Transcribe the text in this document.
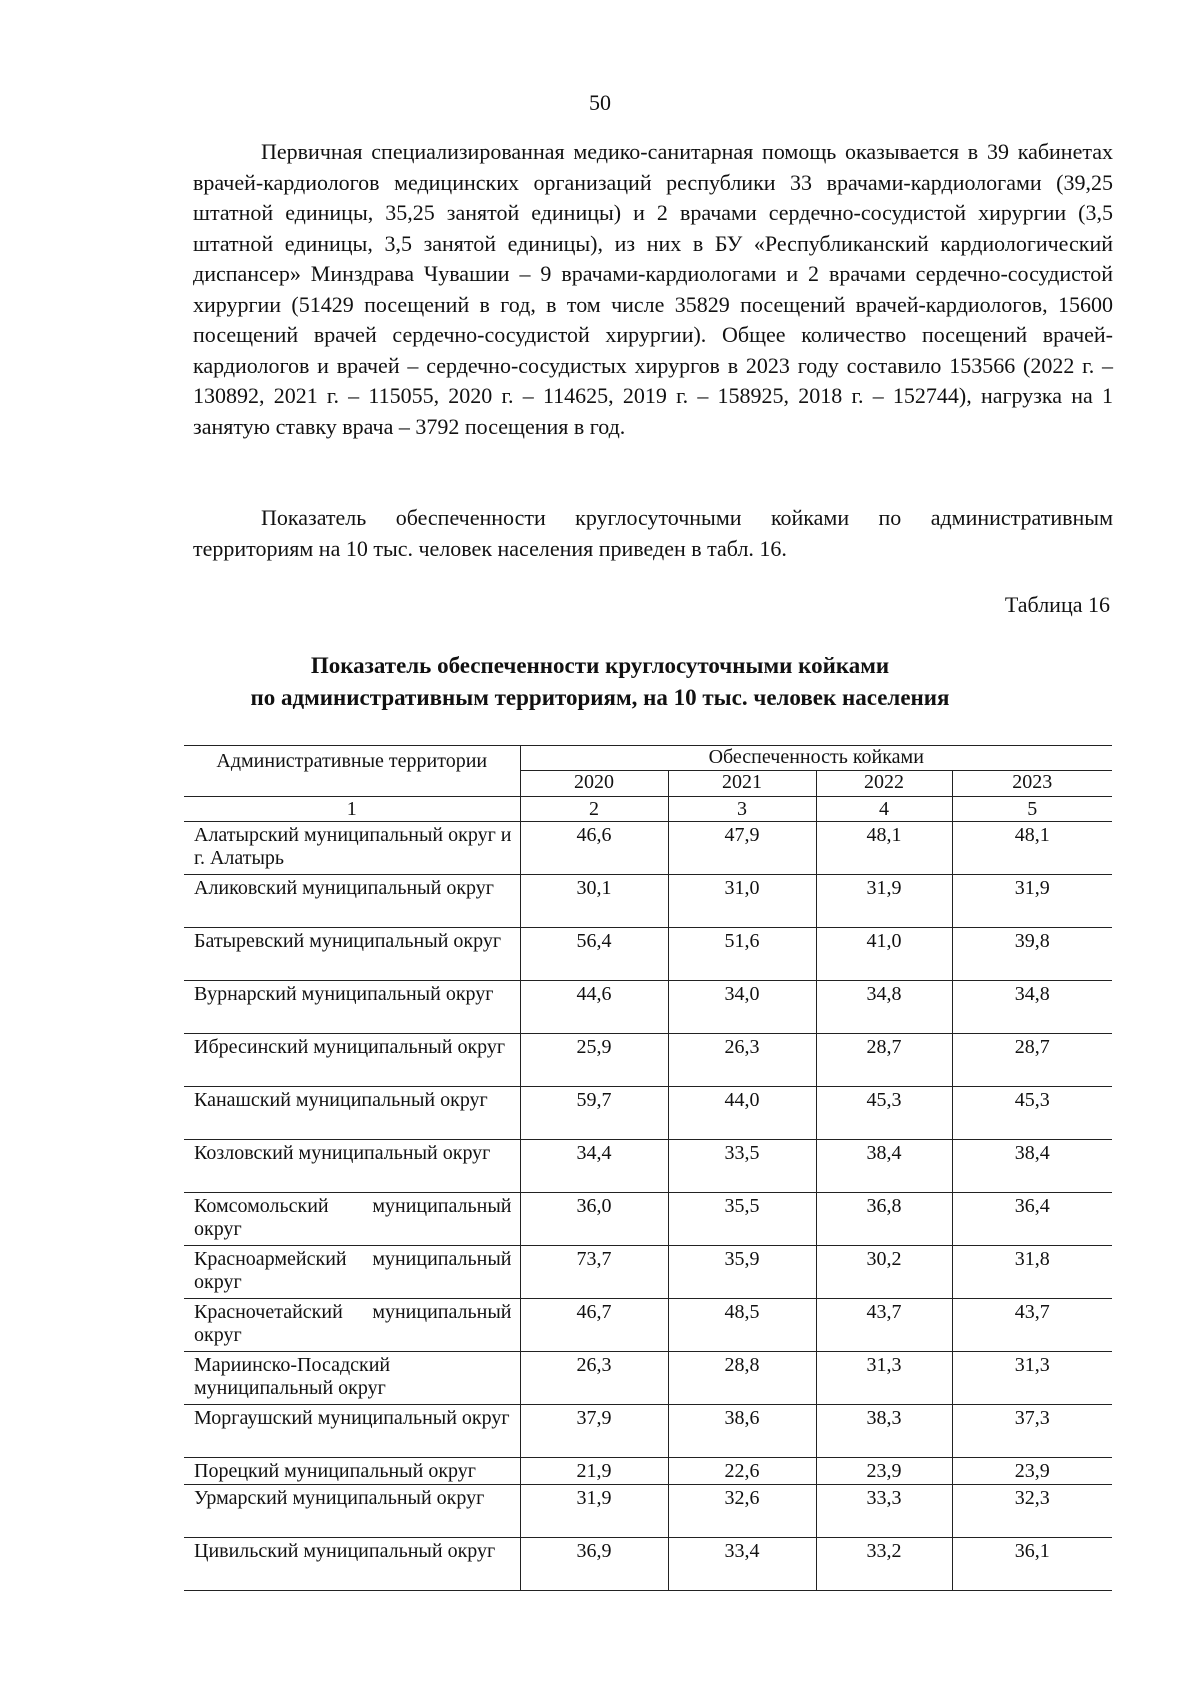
50

Первичная специализированная медико-санитарная помощь оказывается в 39 кабинетах врачей-кардиологов медицинских организаций республики 33 врачами-кардиологами (39,25 штатной единицы, 35,25 занятой единицы) и 2 врачами сердечно-сосудистой хирургии (3,5 штатной единицы, 3,5 занятой единицы), из них в БУ «Республиканский кардиологический диспансер» Минздрава Чувашии – 9 врачами-кардиологами и 2 врачами сердечно-сосудистой хирургии (51429 посещений в год, в том числе 35829 посещений врачей-кардиологов, 15600 посещений врачей сердечно-сосудистой хирургии). Общее количество посещений врачей-кардиологов и врачей – сердечно-сосудистых хирургов в 2023 году составило 153566 (2022 г. – 130892, 2021 г. – 115055, 2020 г. – 114625, 2019 г. – 158925, 2018 г. – 152744), нагрузка на 1 занятую ставку врача – 3792 посещения в год.

Показатель обеспеченности круглосуточными койками по административным территориям на 10 тыс. человек населения приведен в табл. 16.

Таблица 16
Показатель обеспеченности круглосуточными койками
по административным территориям, на 10 тыс. человек населения
Административные территории	Обеспеченность койками			
	2020	2021	2022	2023
1	2	3	4	5
Алатырский муниципальный округ и г. Алатырь	46,6	47,9	48,1	48,1
Аликовский муниципальный округ	30,1	31,0	31,9	31,9
Батыревский муниципальный округ	56,4	51,6	41,0	39,8
Вурнарский муниципальный округ	44,6	34,0	34,8	34,8
Ибресинский муниципальный округ	25,9	26,3	28,7	28,7
Канашский муниципальный округ	59,7	44,0	45,3	45,3
Козловский муниципальный округ	34,4	33,5	38,4	38,4
Комсомольский муниципальный округ	36,0	35,5	36,8	36,4
Красноармейский муниципальный округ	73,7	35,9	30,2	31,8
Красночетайский муниципальный округ	46,7	48,5	43,7	43,7
Мариинско-Посадский муниципальный округ	26,3	28,8	31,3	31,3
Моргаушский муниципальный округ	37,9	38,6	38,3	37,3
Порецкий муниципальный округ	21,9	22,6	23,9	23,9
Урмарский муниципальный округ	31,9	32,6	33,3	32,3
Цивильский муниципальный округ	36,9	33,4	33,2	36,1
